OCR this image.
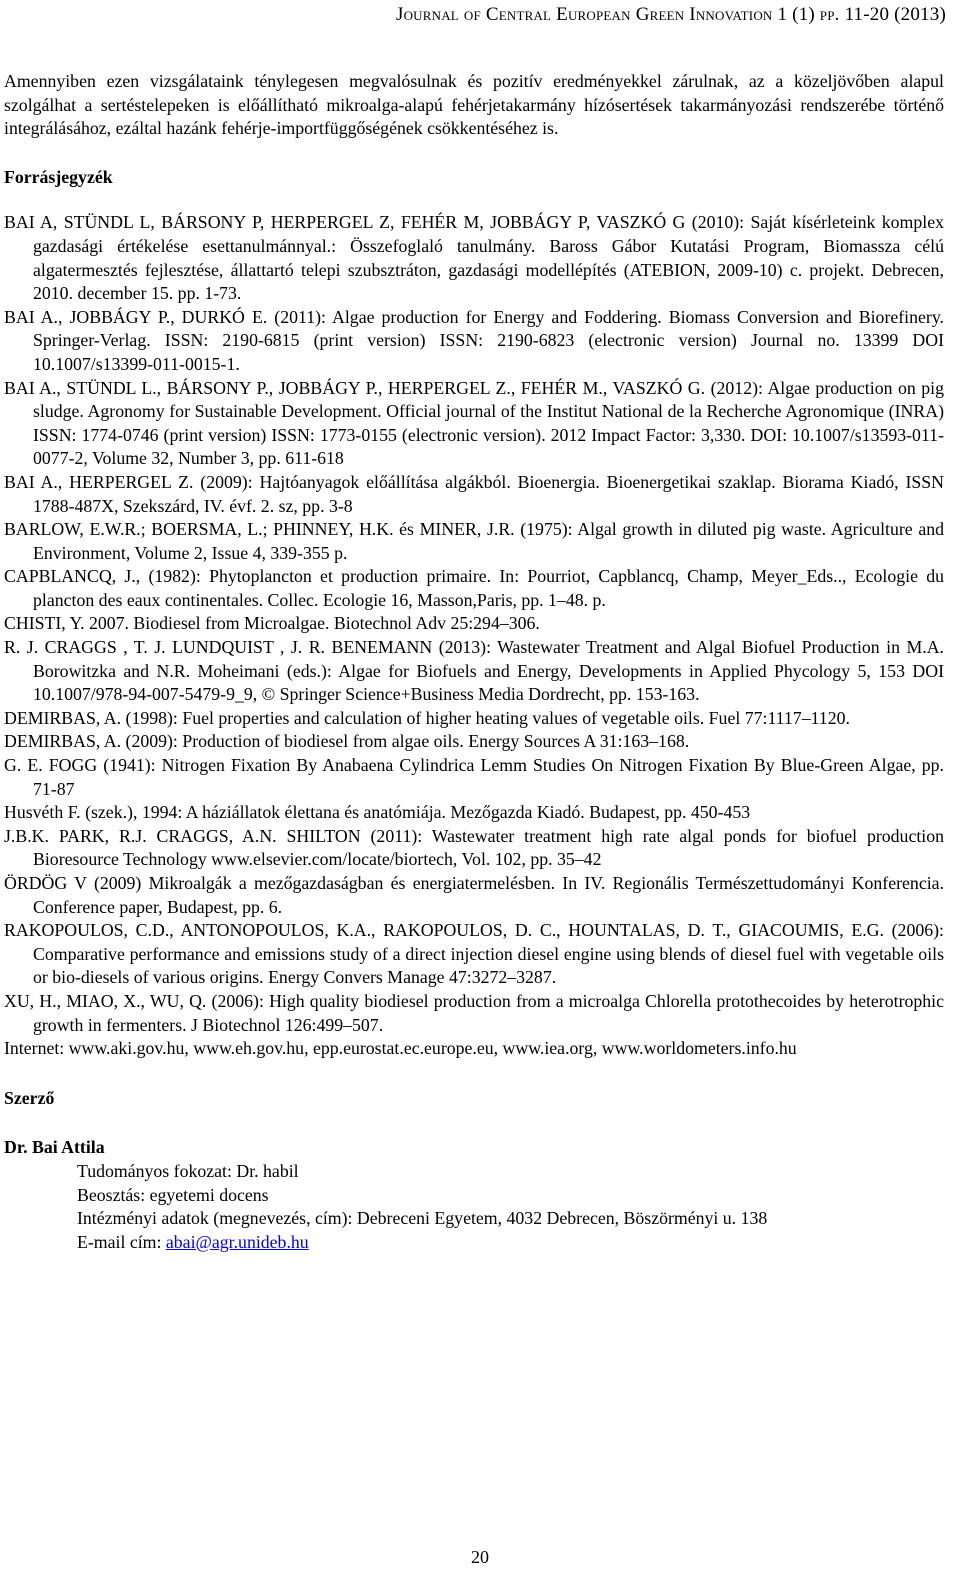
Journal of Central European Green Innovation 1 (1) pp. 11-20 (2013)

Amennyiben ezen vizsgálataink ténylegesen megvalósulnak és pozitív eredményekkel zárulnak, az a közeljövőben alapul szolgálhat a sertéstelepeken is előállítható mikroalga-alapú fehérjetakarmány hízósertések takarmányozási rendszerébe történő integrálásához, ezáltal hazánk fehérje-importfüggőségének csökkentéséhez is.

Forrásjegyzék

BAI A, STÜNDL L, BÁRSONY P, HERPERGEL Z, FEHÉR M, JOBBÁGY P, VASZKÓ G (2010): Saját kísérleteink komplex gazdasági értékelése esettanulmánnyal.: Összefoglaló tanulmány. Baross Gábor Kutatási Program, Biomassza célú algatermesztés fejlesztése, állattartó telepi szubsztráton, gazdasági modellépítés (ATEBION, 2009-10) c. projekt. Debrecen, 2010. december 15. pp. 1-73.

BAI A., JOBBÁGY P., DURKÓ E. (2011): Algae production for Energy and Foddering. Biomass Conversion and Biorefinery. Springer-Verlag. ISSN: 2190-6815 (print version) ISSN: 2190-6823 (electronic version) Journal no. 13399 DOI 10.1007/s13399-011-0015-1.

BAI A., STÜNDL L., BÁRSONY P., JOBBÁGY P., HERPERGEL Z., FEHÉR M., VASZKÓ G. (2012): Algae production on pig sludge. Agronomy for Sustainable Development. Official journal of the Institut National de la Recherche Agronomique (INRA) ISSN: 1774-0746 (print version) ISSN: 1773-0155 (electronic version). 2012 Impact Factor: 3,330. DOI: 10.1007/s13593-011-0077-2, Volume 32, Number 3, pp. 611-618

BAI A., HERPERGEL Z. (2009): Hajtóanyagok előállítása algákból. Bioenergia. Bioenergetikai szaklap. Biorama Kiadó, ISSN 1788-487X, Szekszárd, IV. évf. 2. sz, pp. 3-8

BARLOW, E.W.R.; BOERSMA, L.; PHINNEY, H.K. és MINER, J.R. (1975): Algal growth in diluted pig waste. Agriculture and Environment, Volume 2, Issue 4, 339-355 p.

CAPBLANCQ, J., (1982): Phytoplancton et production primaire. In: Pourriot, Capblancq, Champ, Meyer_Eds.., Ecologie du plancton des eaux continentales. Collec. Ecologie 16, Masson,Paris, pp. 1–48. p.

CHISTI, Y. 2007. Biodiesel from Microalgae. Biotechnol Adv 25:294–306.

R. J. CRAGGS , T. J. LUNDQUIST , J. R. BENEMANN (2013): Wastewater Treatment and Algal Biofuel Production in M.A. Borowitzka and N.R. Moheimani (eds.): Algae for Biofuels and Energy, Developments in Applied Phycology 5, 153 DOI 10.1007/978-94-007-5479-9_9, © Springer Science+Business Media Dordrecht, pp. 153-163.

DEMIRBAS, A. (1998): Fuel properties and calculation of higher heating values of vegetable oils. Fuel 77:1117–1120.

DEMIRBAS, A. (2009): Production of biodiesel from algae oils. Energy Sources A 31:163–168.

G. E. FOGG (1941): Nitrogen Fixation By Anabaena Cylindrica Lemm Studies On Nitrogen Fixation By Blue-Green Algae, pp. 71-87

Husvéth F. (szek.), 1994: A háziállatok élettana és anatómiája. Mezőgazda Kiadó. Budapest, pp. 450-453

J.B.K. PARK, R.J. CRAGGS, A.N. SHILTON (2011): Wastewater treatment high rate algal ponds for biofuel production Bioresource Technology www.elsevier.com/locate/biortech, Vol. 102, pp. 35–42

ÖRDÖG V (2009) Mikroalgák a mezőgazdaságban és energiatermelésben. In IV. Regionális Természettudományi Konferencia. Conference paper, Budapest, pp. 6.

RAKOPOULOS, C.D., ANTONOPOULOS, K.A., RAKOPOULOS, D. C., HOUNTALAS, D. T., GIACOUMIS, E.G. (2006): Comparative performance and emissions study of a direct injection diesel engine using blends of diesel fuel with vegetable oils or bio-diesels of various origins. Energy Convers Manage 47:3272–3287.

XU, H., MIAO, X., WU, Q. (2006): High quality biodiesel production from a microalga Chlorella protothecoides by heterotrophic growth in fermenters. J Biotechnol 126:499–507.

Internet: www.aki.gov.hu, www.eh.gov.hu, epp.eurostat.ec.europe.eu, www.iea.org, www.worldometers.info.hu

Szerző
Dr. Bai Attila

Tudományos fokozat: Dr. habil

Beosztás: egyetemi docens

Intézményi adatok (megnevezés, cím): Debreceni Egyetem, 4032 Debrecen, Böszörményi u. 138

E-mail cím: abai@agr.unideb.hu

20
